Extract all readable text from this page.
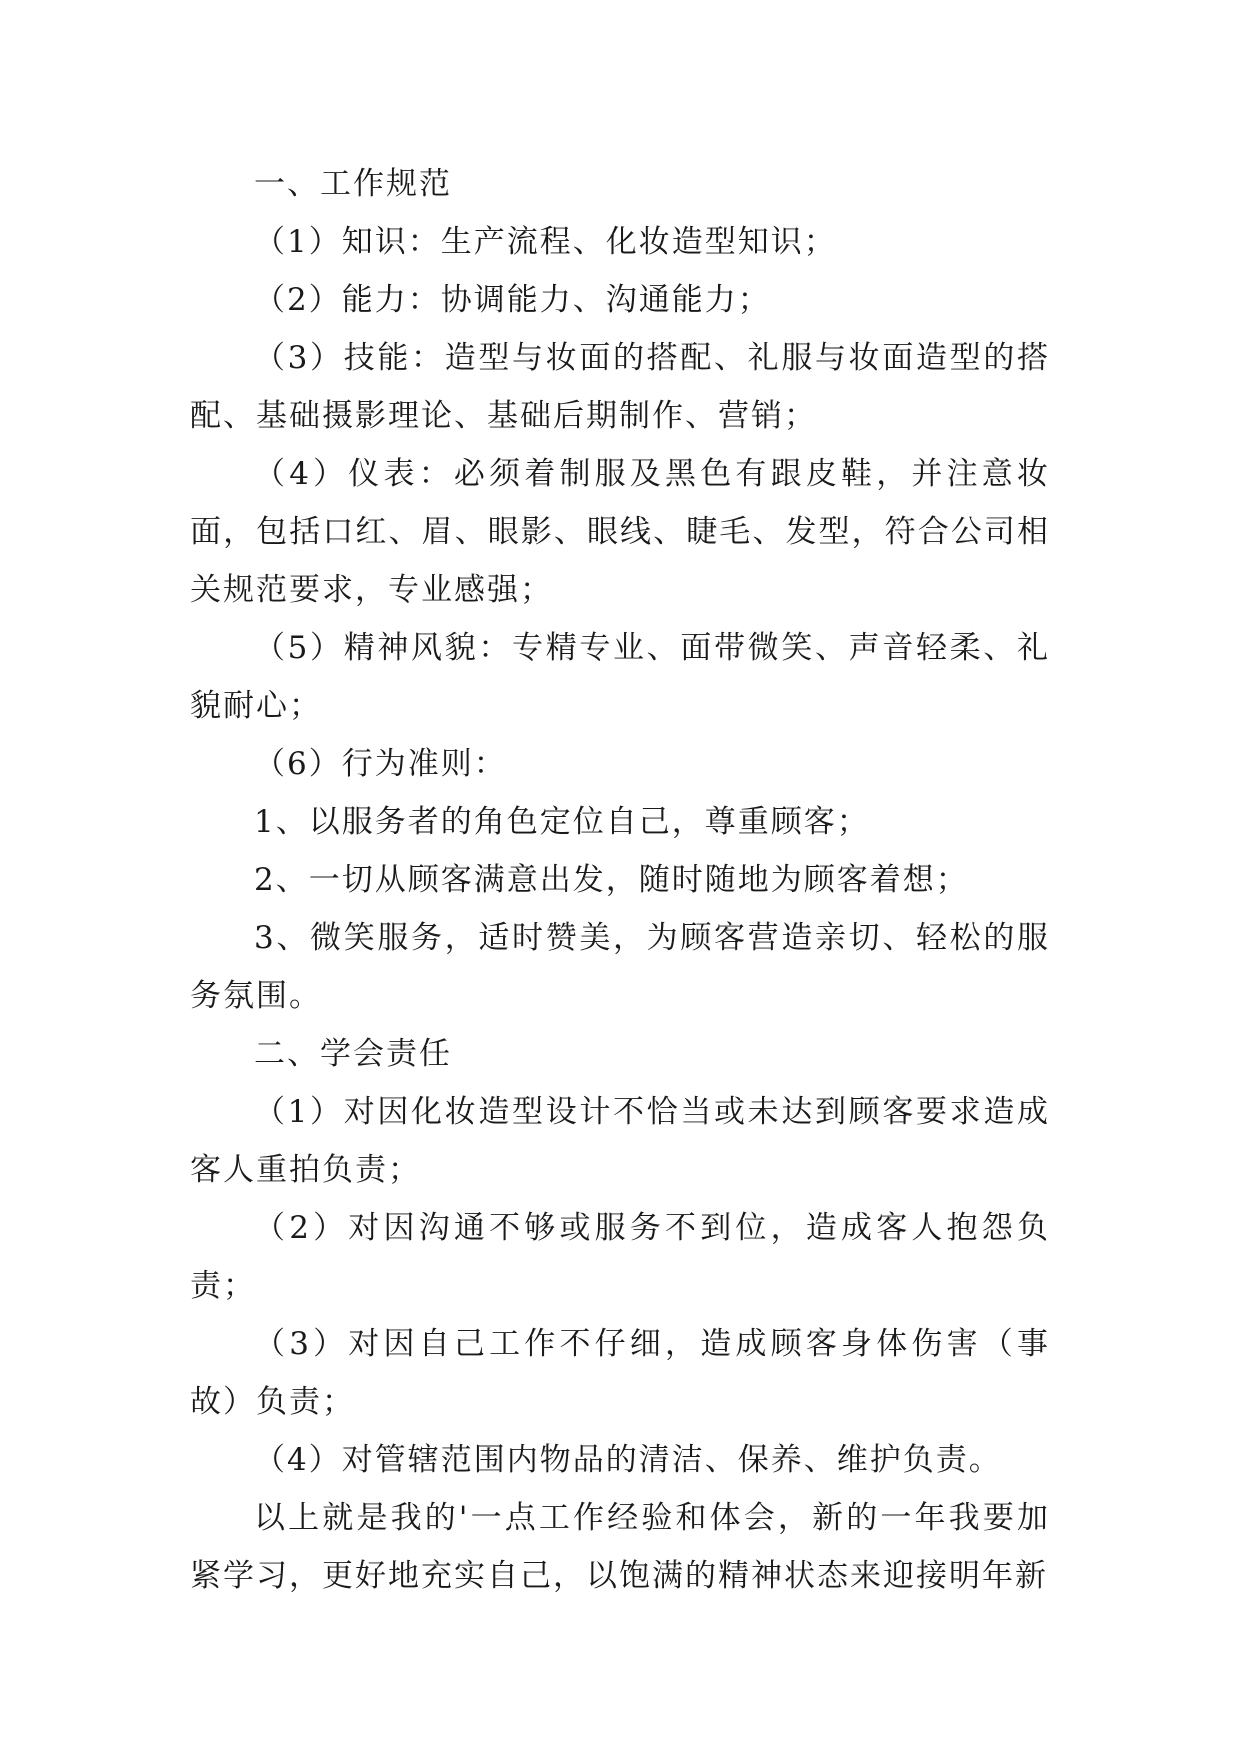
一、工作规范

（1）知识：生产流程、化妆造型知识；

（2）能力：协调能力、沟通能力；

（3）技能：造型与妆面的搭配、礼服与妆面造型的搭配、基础摄影理论、基础后期制作、营销；

（4）仪表：必须着制服及黑色有跟皮鞋，并注意妆面，包括口红、眉、眼影、眼线、睫毛、发型，符合公司相关规范要求，专业感强；

（5）精神风貌：专精专业、面带微笑、声音轻柔、礼貌耐心；

（6）行为准则：

1、以服务者的角色定位自己，尊重顾客；

2、一切从顾客满意出发，随时随地为顾客着想；

3、微笑服务，适时赞美，为顾客营造亲切、轻松的服务氛围。

二、学会责任

（1）对因化妆造型设计不恰当或未达到顾客要求造成客人重拍负责；

（2）对因沟通不够或服务不到位，造成客人抱怨负责；

（3）对因自己工作不仔细，造成顾客身体伤害（事故）负责；

（4）对管辖范围内物品的清洁、保养、维护负责。

以上就是我的'一点工作经验和体会，新的一年我要加紧学习，更好地充实自己，以饱满的精神状态来迎接明年新
